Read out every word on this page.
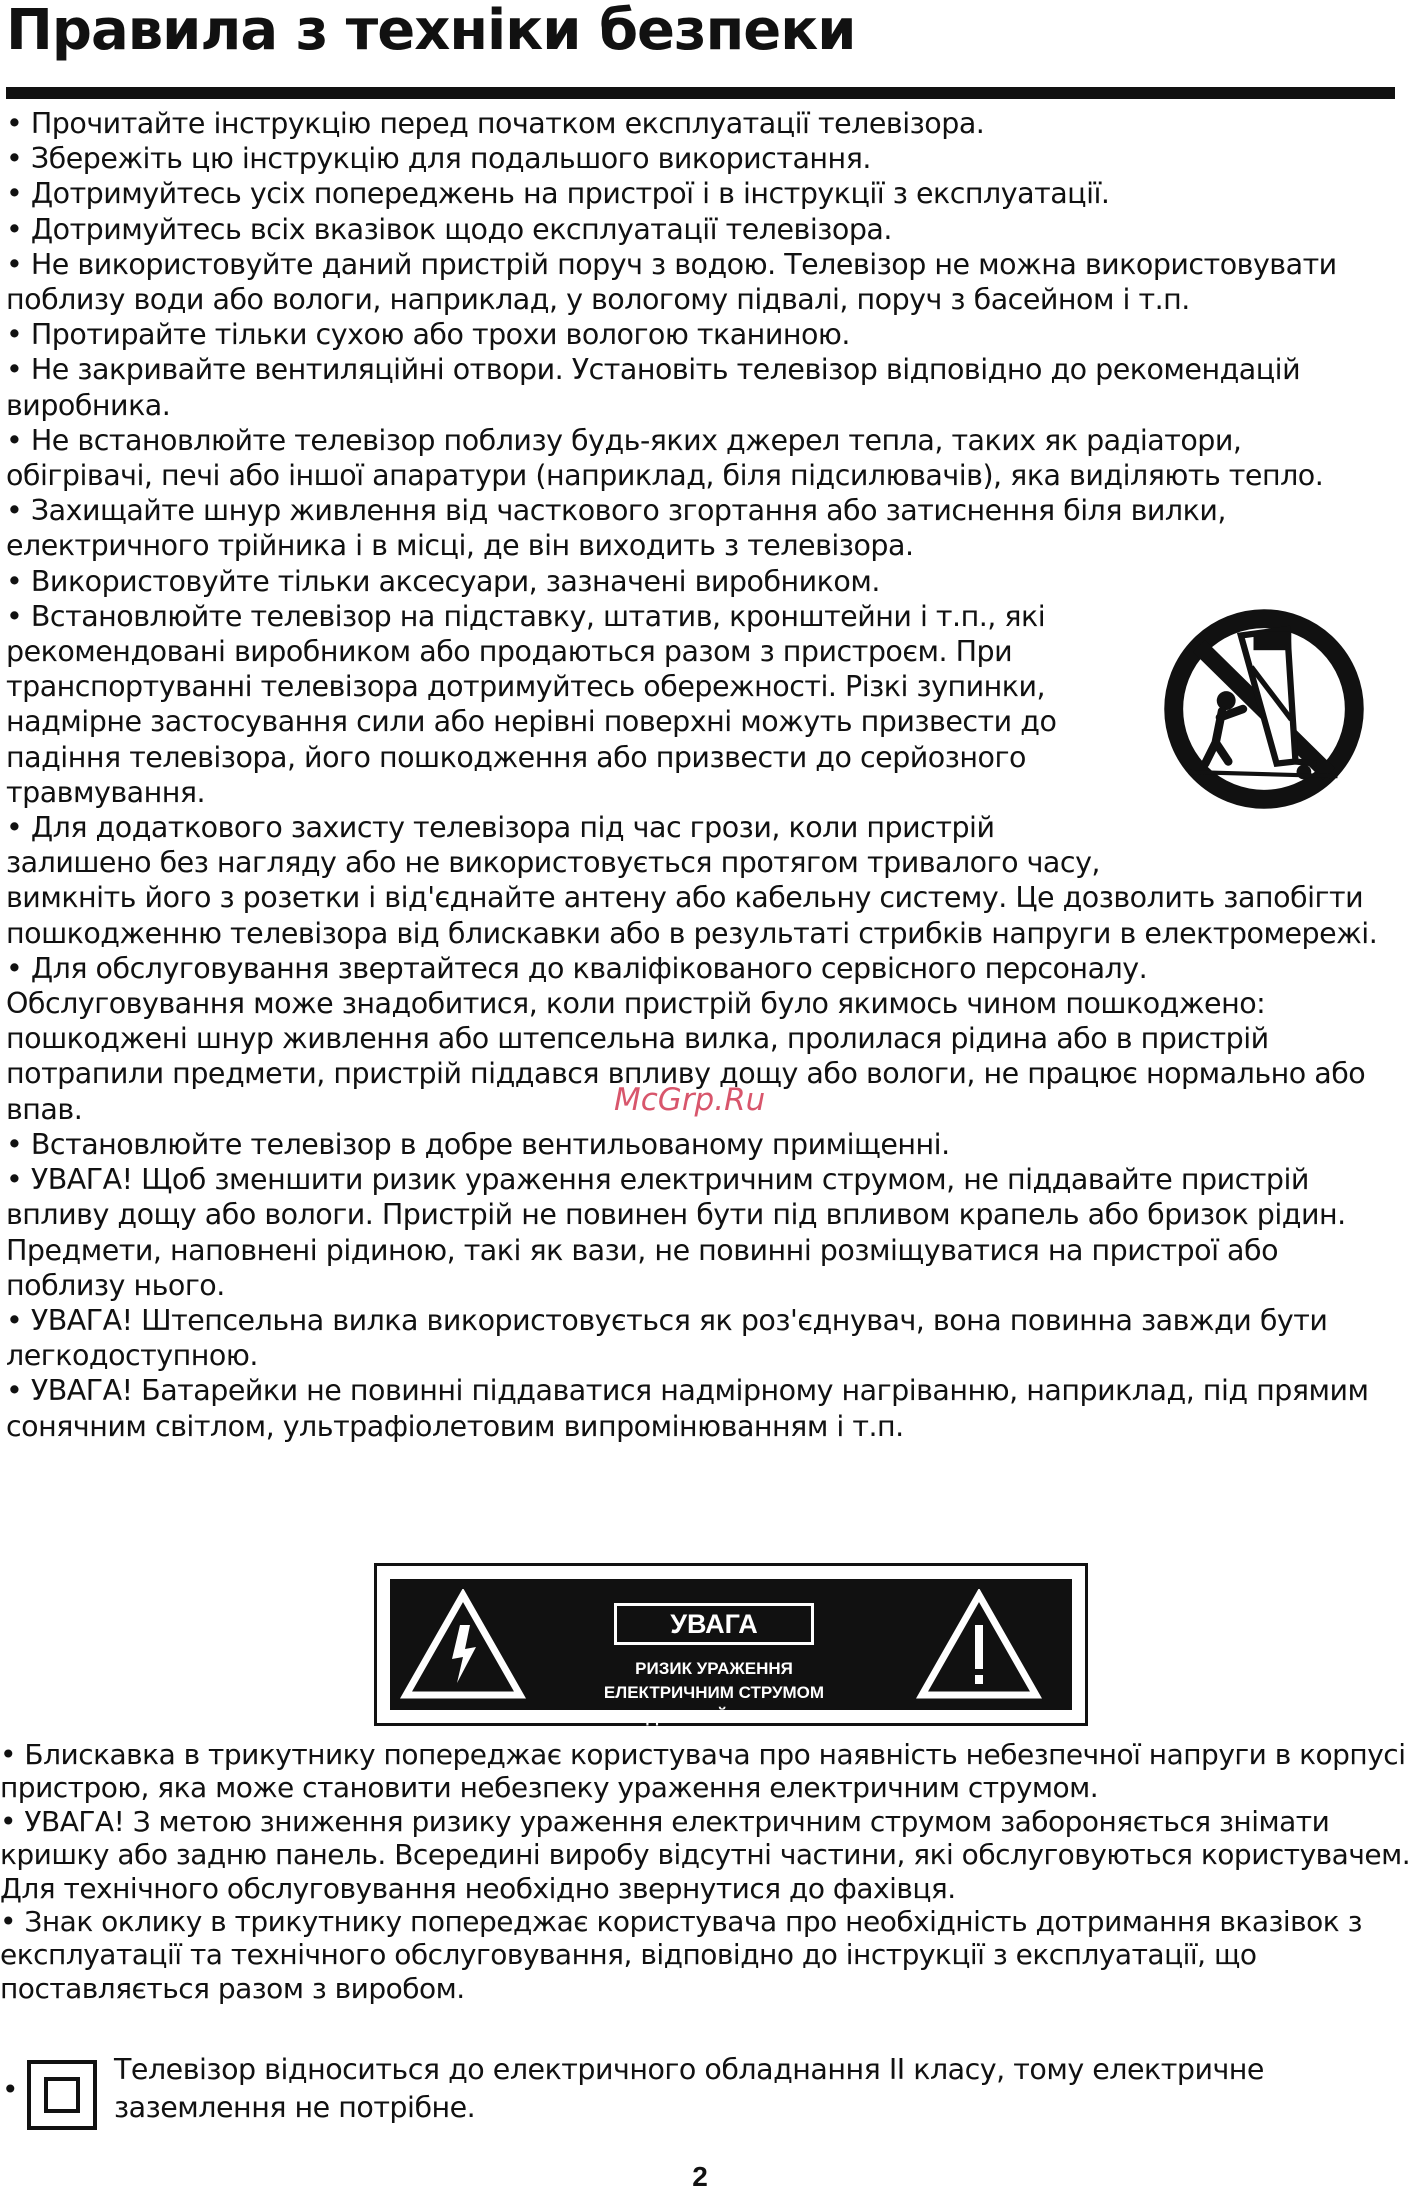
Правила з техніки безпеки

• Прочитайте інструкцію перед початком експлуатації телевізора.

• Збережіть цю інструкцію для подальшого використання.

• Дотримуйтесь усіх попереджень на пристрої і в інструкції з експлуатації.

• Дотримуйтесь всіх вказівок щодо експлуатації телевізора.

• Не використовуйте даний пристрій поруч з водою. Телевізор не можна використовувати поблизу води або вологи, наприклад, у вологому підвалі, поруч з басейном і т.п.

• Протирайте тільки сухою або трохи вологою тканиною.

• Не закривайте вентиляційні отвори. Установіть телевізор відповідно до рекомендацій виробника.

• Не встановлюйте телевізор поблизу будь-яких джерел тепла, таких як радіатори, обігрівачі, печі або іншої апаратури (наприклад, біля підсилювачів), яка виділяють тепло.

• Захищайте шнур живлення від часткового згортання або затиснення біля вилки, електричного трійника і в місці, де він виходить з телевізора.

• Використовуйте тільки аксесуари, зазначені виробником.

• Встановлюйте телевізор на підставку, штатив, кронштейни і т.п., які рекомендовані виробником або продаються разом з пристроєм. При транспортуванні телевізора дотримуйтесь обережності. Різкі зупинки, надмірне застосування сили або нерівні поверхні можуть призвести до падіння телевізора, його пошкодження або призвести до серйозного травмування.

• Для додаткового захисту телевізора під час грози, коли пристрій залишено без нагляду або не використовується протягом тривалого часу, вимкніть його з розетки і від'єднайте антену або кабельну систему. Це дозволить запобігти пошкодженню телевізора від блискавки або в результаті стрибків напруги в електромережі.

• Для обслуговування звертайтеся до кваліфікованого сервісного персоналу. Обслуговування може знадобитися, коли пристрій було якимось чином пошкоджено: пошкоджені шнур живлення або штепсельна вилка, пролилася рідина або в пристрій потрапили предмети, пристрій піддався впливу дощу або вологи, не працює нормально або впав.

• Встановлюйте телевізор в добре вентильованому приміщенні.

• УВАГА! Щоб зменшити ризик ураження електричним струмом, не піддавайте пристрій впливу дощу або вологи. Пристрій не повинен бути під впливом крапель або бризок рідин. Предмети, наповнені рідиною, такі як вази, не повинні розміщуватися на пристрої або поблизу нього.

• УВАГА! Штепсельна вилка використовується як роз'єднувач, вона повинна завжди бути легкодоступною.

• УВАГА! Батарейки не повинні піддаватися надмірному нагріванню, наприклад, під прямим сонячним світлом, ультрафіолетовим випромінюванням і т.п.

McGrp.Ru
УВАГА
РИЗИК УРАЖЕННЯ
ЕЛЕКТРИЧНИМ СТРУМОМ
НЕ ВІДКРИВАЙТЕ КРИШКУ

• Блискавка в трикутнику попереджає користувача про наявність небезпечної напруги в корпусі пристрою, яка може становити небезпеку ураження електричним струмом.

• УВАГА! З метою зниження ризику ураження електричним струмом забороняється знімати кришку або задню панель. Всередині виробу відсутні частини, які обслуговуються користувачем. Для технічного обслуговування необхідно звернутися до фахівця.

• Знак оклику в трикутнику попереджає користувача про необхідність дотримання вказівок з експлуатації та технічного обслуговування, відповідно до інструкції з експлуатації, що поставляється разом з виробом.

•
Телевізор відноситься до електричного обладнання II класу, тому електричне заземлення не потрібне.
2
